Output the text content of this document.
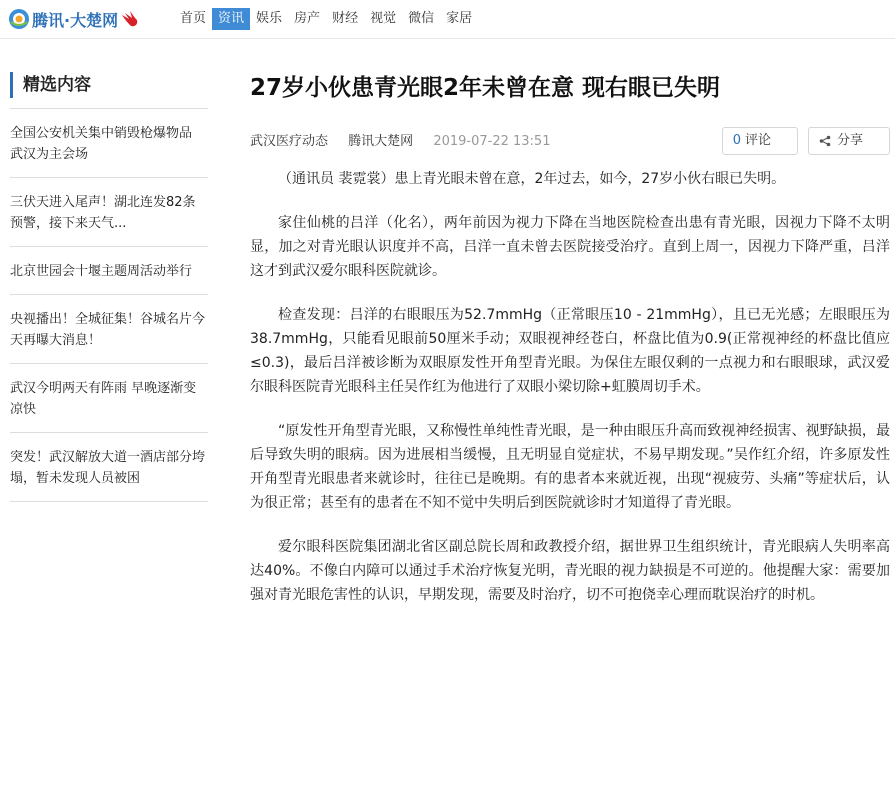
腾讯·大楚网	首页 资讯 娱乐 房产 财经 视觉 微信 家居
精选内容
全国公安机关集中销毁枪爆物品 武汉为主会场
三伏天进入尾声！湖北连发82条预警，接下来天气...
北京世园会十堰主题周活动举行
央视播出！全城征集！谷城名片今天再曝大消息！
武汉今明两天有阵雨 早晚逐渐变凉快
突发！武汉解放大道一酒店部分垮塌，暂未发现人员被困
27岁小伙患青光眼2年未曾在意 现右眼已失明
武汉医疗动态 腾讯大楚网 2019-07-22 13:51	0 评论	分享

（通讯员 裴霓裳）患上青光眼未曾在意，2年过去，如今，27岁小伙右眼已失明。

家住仙桃的吕洋（化名），两年前因为视力下降在当地医院检查出患有青光眼，因视力下降不太明显，加之对青光眼认识度并不高，吕洋一直未曾去医院接受治疗。直到上周一，因视力下降严重，吕洋这才到武汉爱尔眼科医院就诊。

检查发现：吕洋的右眼眼压为52.7mmHg（正常眼压10 - 21mmHg），且已无光感；左眼眼压为 38.7mmHg，只能看见眼前50厘米手动；双眼视神经苍白，杯盘比值为0.9(正常视神经的杯盘比值应≤0.3)，最后吕洋被诊断为双眼原发性开角型青光眼。为保住左眼仅剩的一点视力和右眼眼球，武汉爱尔眼科医院青光眼科主任吴作红为他进行了双眼小梁切除+虹膜周切手术。

“原发性开角型青光眼，又称慢性单纯性青光眼，是一种由眼压升高而致视神经损害、视野缺损，最后导致失明的眼病。因为进展相当缓慢，且无明显自觉症状，不易早期发现。”吴作红介绍，许多原发性开角型青光眼患者来就诊时，往往已是晚期。有的患者本来就近视，出现“视疲劳、头痛”等症状后，认为很正常；甚至有的患者在不知不觉中失明后到医院就诊时才知道得了青光眼。

爱尔眼科医院集团湖北省区副总院长周和政教授介绍，据世界卫生组织统计，青光眼病人失明率高达40%。不像白内障可以通过手术治疗恢复光明，青光眼的视力缺损是不可逆的。他提醒大家：需要加强对青光眼危害性的认识，早期发现，需要及时治疗，切不可抱侥幸心理而耽误治疗的时机。
